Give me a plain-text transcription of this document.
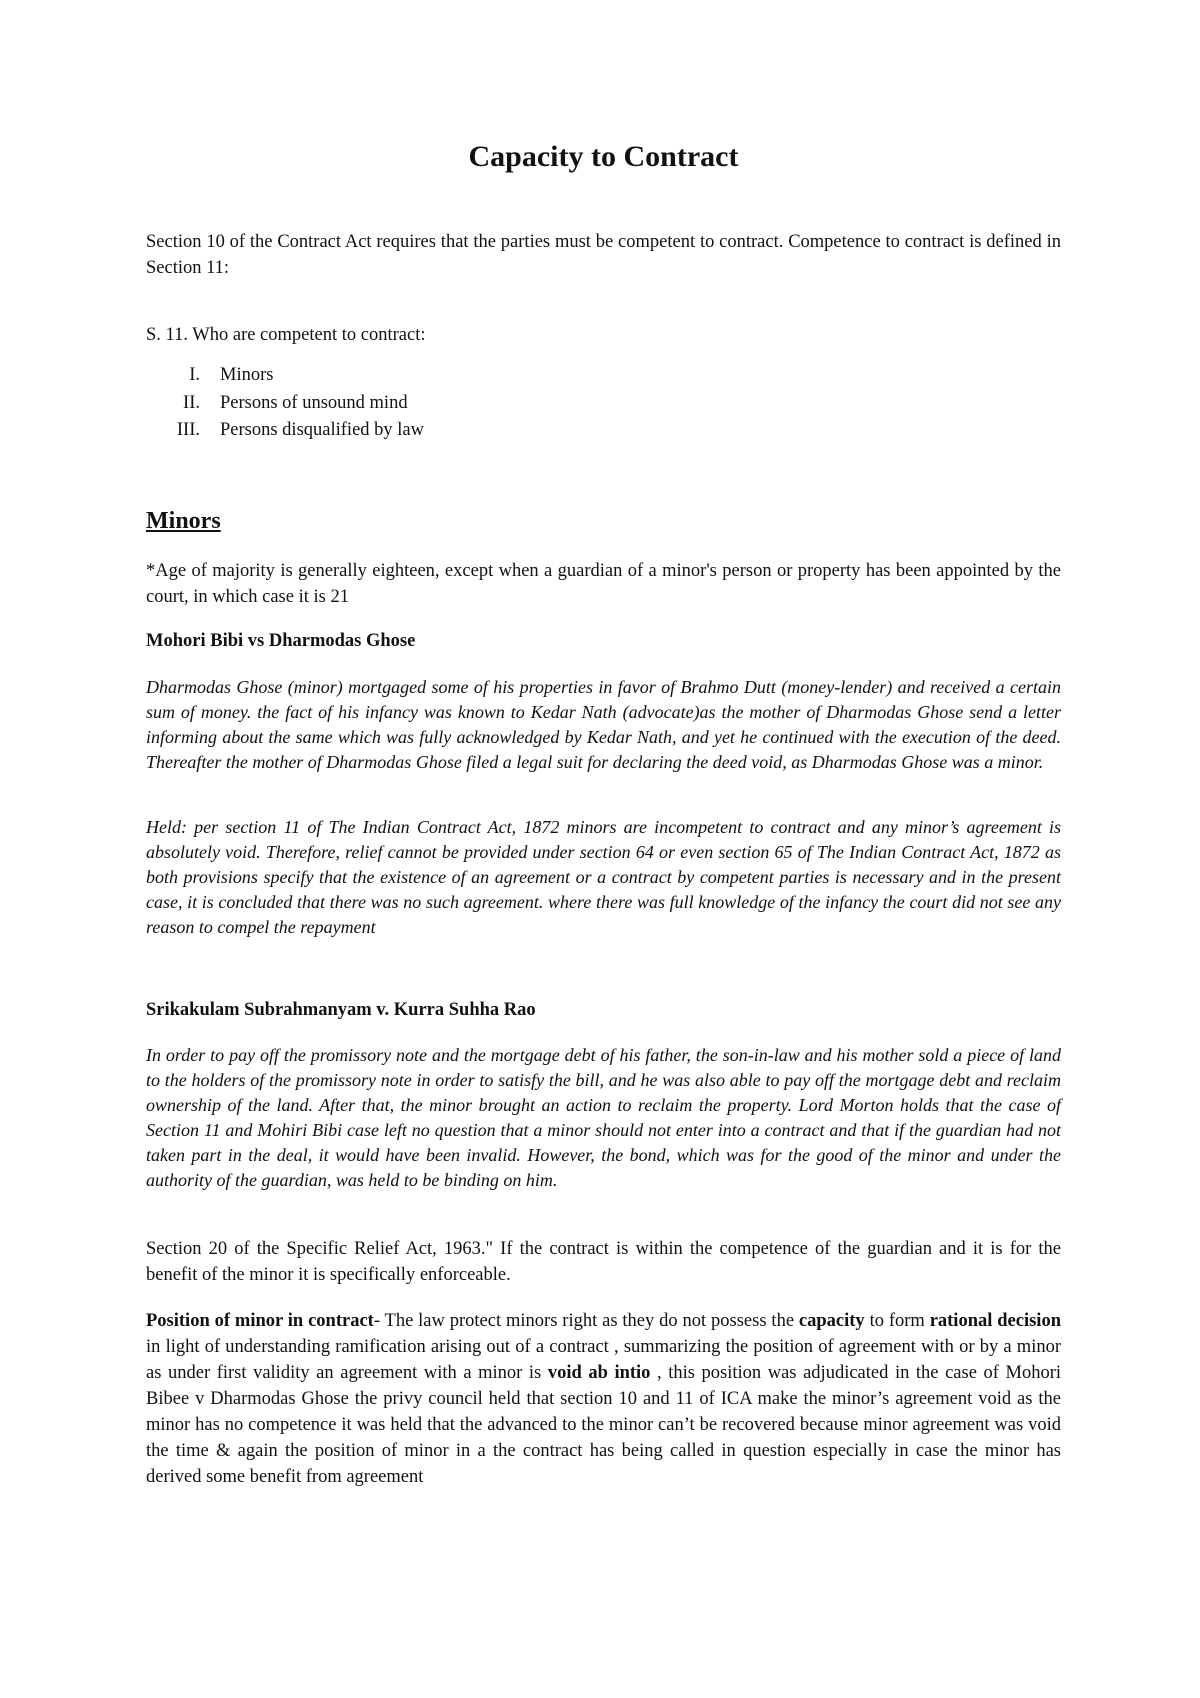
Capacity to Contract

Section 10 of the Contract Act requires that the parties must be competent to contract. Competence to contract is defined in Section 11:

S. 11. Who are competent to contract:

I. Minors
II. Persons of unsound mind
III. Persons disqualified by law
Minors

*Age of majority is generally eighteen, except when a guardian of a minor's person or property has been appointed by the court, in which case it is 21

Mohori Bibi vs Dharmodas Ghose

Dharmodas Ghose (minor) mortgaged some of his properties in favor of Brahmo Dutt (money-lender) and received a certain sum of money. the fact of his infancy was known to Kedar Nath (advocate)as the mother of Dharmodas Ghose send a letter informing about the same which was fully acknowledged by Kedar Nath, and yet he continued with the execution of the deed. Thereafter the mother of Dharmodas Ghose filed a legal suit for declaring the deed void, as Dharmodas Ghose was a minor.

Held: per section 11 of The Indian Contract Act, 1872 minors are incompetent to contract and any minor’s agreement is absolutely void. Therefore, relief cannot be provided under section 64 or even section 65 of The Indian Contract Act, 1872 as both provisions specify that the existence of an agreement or a contract by competent parties is necessary and in the present case, it is concluded that there was no such agreement. where there was full knowledge of the infancy the court did not see any reason to compel the repayment

Srikakulam Subrahmanyam v. Kurra Suhha Rao

In order to pay off the promissory note and the mortgage debt of his father, the son-in-law and his mother sold a piece of land to the holders of the promissory note in order to satisfy the bill, and he was also able to pay off the mortgage debt and reclaim ownership of the land. After that, the minor brought an action to reclaim the property. Lord Morton holds that the case of Section 11 and Mohiri Bibi case left no question that a minor should not enter into a contract and that if the guardian had not taken part in the deal, it would have been invalid. However, the bond, which was for the good of the minor and under the authority of the guardian, was held to be binding on him.

Section 20 of the Specific Relief Act, 1963." If the contract is within the competence of the guardian and it is for the benefit of the minor it is specifically enforceable.

Position of minor in contract- The law protect minors right as they do not possess the capacity to form rational decision in light of understanding ramification arising out of a contract , summarizing the position of agreement with or by a minor as under first validity an agreement with a minor is void ab intio , this position was adjudicated in the case of Mohori Bibee v Dharmodas Ghose the privy council held that section 10 and 11 of ICA make the minor’s agreement void as the minor has no competence it was held that the advanced to the minor can’t be recovered because minor agreement was void the time & again the position of minor in a the contract has being called in question especially in case the minor has derived some benefit from agreement
